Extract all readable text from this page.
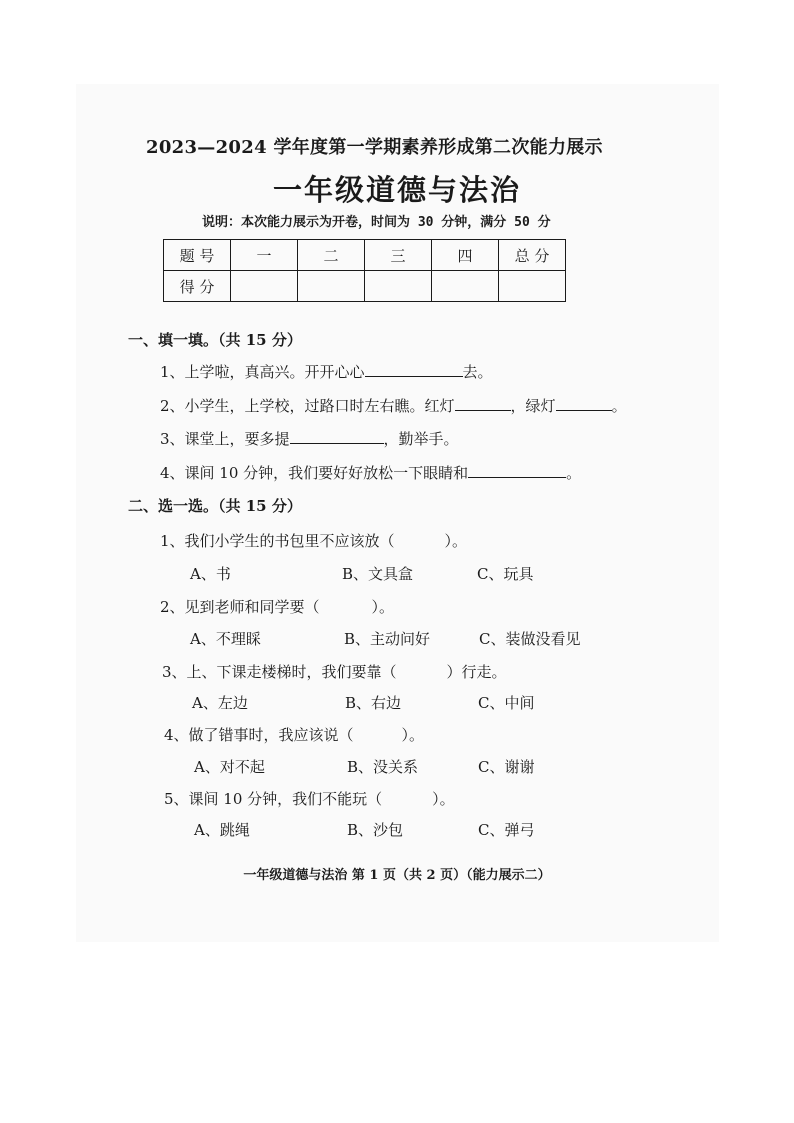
2023—2024 学年度第一学期素养形成第二次能力展示
一年级道德与法治
说明：本次能力展示为开卷，时间为 30 分钟，满分 50 分
题 号	一	二	三	四	总 分
得 分					
一、填一填。（共 15 分）
1、上学啦，真高兴。开开心心	去。
2、小学生，上学校，过路口时左右瞧。红灯	，绿灯	。
3、课堂上，要多提	，勤举手。
4、课间 10 分钟，我们要好好放松一下眼睛和	。
二、选一选。（共 15 分）
1、我们小学生的书包里不应该放（	）。
A、书	B、文具盒	C、玩具
2、见到老师和同学要（	）。
A、不理睬	B、主动问好	C、装做没看见
3、上、下课走楼梯时，我们要靠（	）行走。
A、左边	B、右边	C、中间
4、做了错事时，我应该说（	）。
A、对不起	B、没关系	C、谢谢
5、课间 10 分钟，我们不能玩（	）。
A、跳绳	B、沙包	C、弹弓
一年级道德与法治 第 1 页（共 2 页）（能力展示二）
